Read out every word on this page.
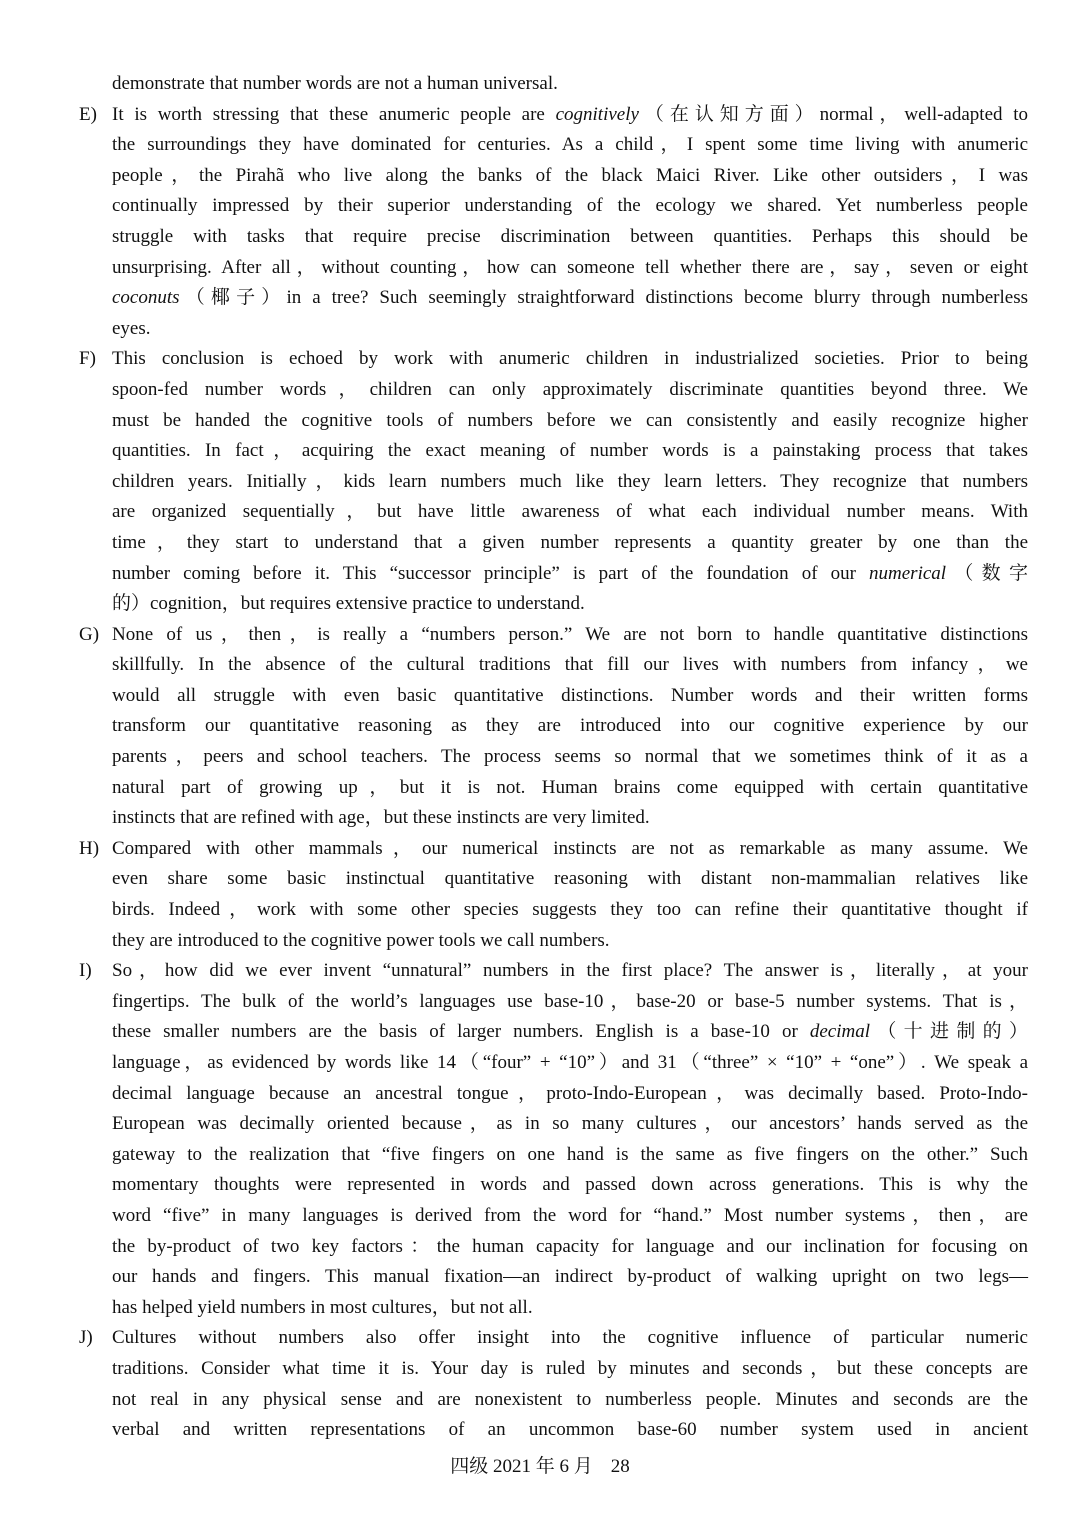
demonstrate that number words are not a human universal.
E) It is worth stressing that these anumeric people are cognitively（在认知方面）normal，well-adapted to
the surroundings they have dominated for centuries. As a child，I spent some time living with anumeric
people，the Pirahã who live along the banks of the black Maici River. Like other outsiders，I was
continually impressed by their superior understanding of the ecology we shared. Yet numberless people
struggle with tasks that require precise discrimination between quantities. Perhaps this should be
unsurprising. After all，without counting，how can someone tell whether there are，say，seven or eight
coconuts（椰子）in a tree? Such seemingly straightforward distinctions become blurry through numberless
eyes.
F) This conclusion is echoed by work with anumeric children in industrialized societies. Prior to being
spoon-fed number words，children can only approximately discriminate quantities beyond three. We
must be handed the cognitive tools of numbers before we can consistently and easily recognize higher
quantities. In fact，acquiring the exact meaning of number words is a painstaking process that takes
children years. Initially，kids learn numbers much like they learn letters. They recognize that numbers
are organized sequentially，but have little awareness of what each individual number means. With
time，they start to understand that a given number represents a quantity greater by one than the
number coming before it. This “successor principle” is part of the foundation of our numerical（数字
的）cognition，but requires extensive practice to understand.
G) None of us，then，is really a “numbers person.” We are not born to handle quantitative distinctions
skillfully. In the absence of the cultural traditions that fill our lives with numbers from infancy，we
would all struggle with even basic quantitative distinctions. Number words and their written forms
transform our quantitative reasoning as they are introduced into our cognitive experience by our
parents，peers and school teachers. The process seems so normal that we sometimes think of it as a
natural part of growing up，but it is not. Human brains come equipped with certain quantitative
instincts that are refined with age，but these instincts are very limited.
H) Compared with other mammals，our numerical instincts are not as remarkable as many assume. We
even share some basic instinctual quantitative reasoning with distant non-mammalian relatives like
birds. Indeed，work with some other species suggests they too can refine their quantitative thought if
they are introduced to the cognitive power tools we call numbers.
I) So，how did we ever invent “unnatural” numbers in the first place? The answer is，literally，at your
fingertips. The bulk of the world’s languages use base-10，base-20 or base-5 number systems. That is，
these smaller numbers are the basis of larger numbers. English is a base-10 or decimal（十进制的）
language，as evidenced by words like 14（“four” + “10”）and 31（“three” × “10” + “one”）. We speak a
decimal language because an ancestral tongue，proto-Indo-European，was decimally based. Proto-Indo-
European was decimally oriented because，as in so many cultures，our ancestors’ hands served as the
gateway to the realization that “five fingers on one hand is the same as five fingers on the other.” Such
momentary thoughts were represented in words and passed down across generations. This is why the
word “five” in many languages is derived from the word for “hand.” Most number systems，then，are
the by-product of two key factors：the human capacity for language and our inclination for focusing on
our hands and fingers. This manual fixation—an indirect by-product of walking upright on two legs—
has helped yield numbers in most cultures，but not all.
J) Cultures without numbers also offer insight into the cognitive influence of particular numeric
traditions. Consider what time it is. Your day is ruled by minutes and seconds，but these concepts are
not real in any physical sense and are nonexistent to numberless people. Minutes and seconds are the
verbal and written representations of an uncommon base-60 number system used in ancient
四级 2021 年 6 月 28
